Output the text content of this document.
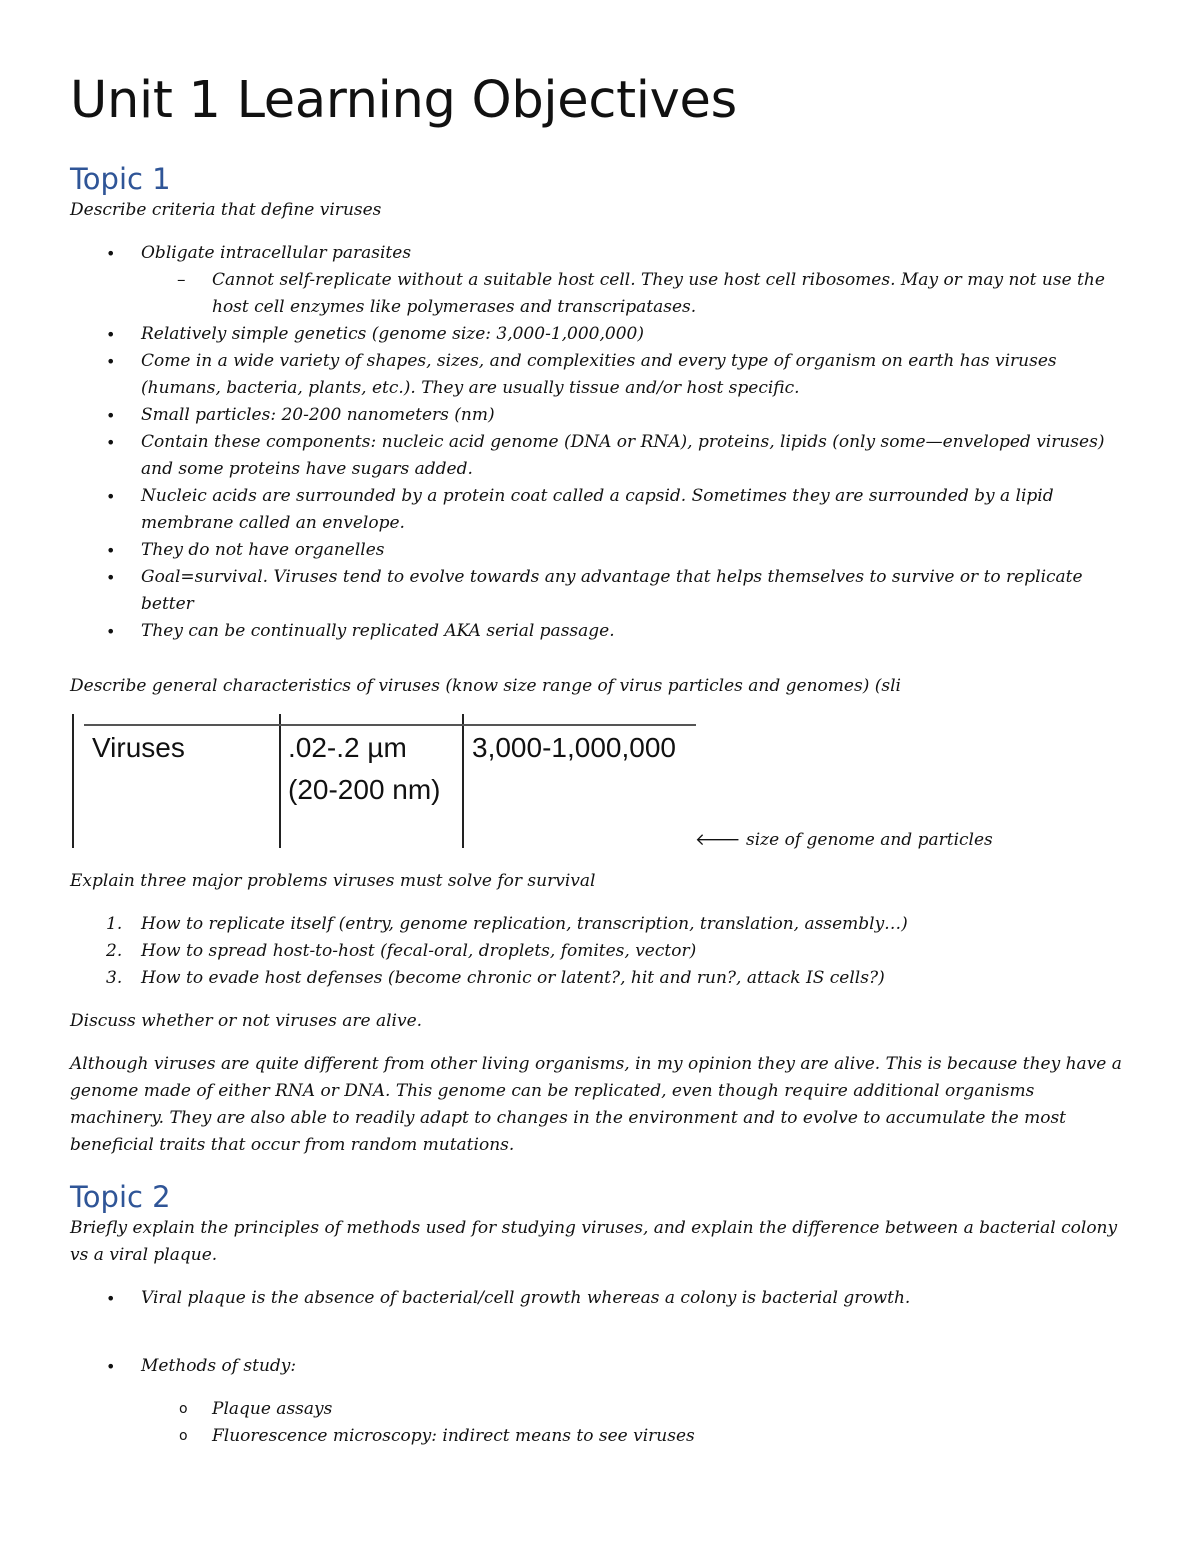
Unit 1 Learning Objectives
Topic 1

Describe criteria that define viruses

• Obligate intracellular parasites
– Cannot self-replicate without a suitable host cell. They use host cell ribosomes. May or may not use the host cell enzymes like polymerases and transcripatases.
• Relatively simple genetics (genome size: 3,000-1,000,000)
• Come in a wide variety of shapes, sizes, and complexities and every type of organism on earth has viruses (humans, bacteria, plants, etc.). They are usually tissue and/or host specific.
• Small particles: 20-200 nanometers (nm)
• Contain these components: nucleic acid genome (DNA or RNA), proteins, lipids (only some—enveloped viruses) and some proteins have sugars added.
• Nucleic acids are surrounded by a protein coat called a capsid. Sometimes they are surrounded by a lipid membrane called an envelope.
• They do not have organelles
• Goal=survival. Viruses tend to evolve towards any advantage that helps themselves to survive or to replicate better
• They can be continually replicated AKA serial passage.

Describe general characteristics of viruses (know size range of virus particles and genomes) (sli

Viruses	.02-.2 µm
(20-200 nm)
3,000-1,000,000
🡐 size of genome and particles

Explain three major problems viruses must solve for survival

1. How to replicate itself (entry, genome replication, transcription, translation, assembly…)
2. How to spread host-to-host (fecal-oral, droplets, fomites, vector)
3. How to evade host defenses (become chronic or latent?, hit and run?, attack IS cells?)

Discuss whether or not viruses are alive.

Although viruses are quite different from other living organisms, in my opinion they are alive. This is because they have a genome made of either RNA or DNA. This genome can be replicated, even though require additional organisms machinery. They are also able to readily adapt to changes in the environment and to evolve to accumulate the most beneficial traits that occur from random mutations.

Topic 2

Briefly explain the principles of methods used for studying viruses, and explain the difference between a bacterial colony vs a viral plaque.

• Viral plaque is the absence of bacterial/cell growth whereas a colony is bacterial growth.
• Methods of study:
o Plaque assays
o Fluorescence microscopy: indirect means to see viruses
